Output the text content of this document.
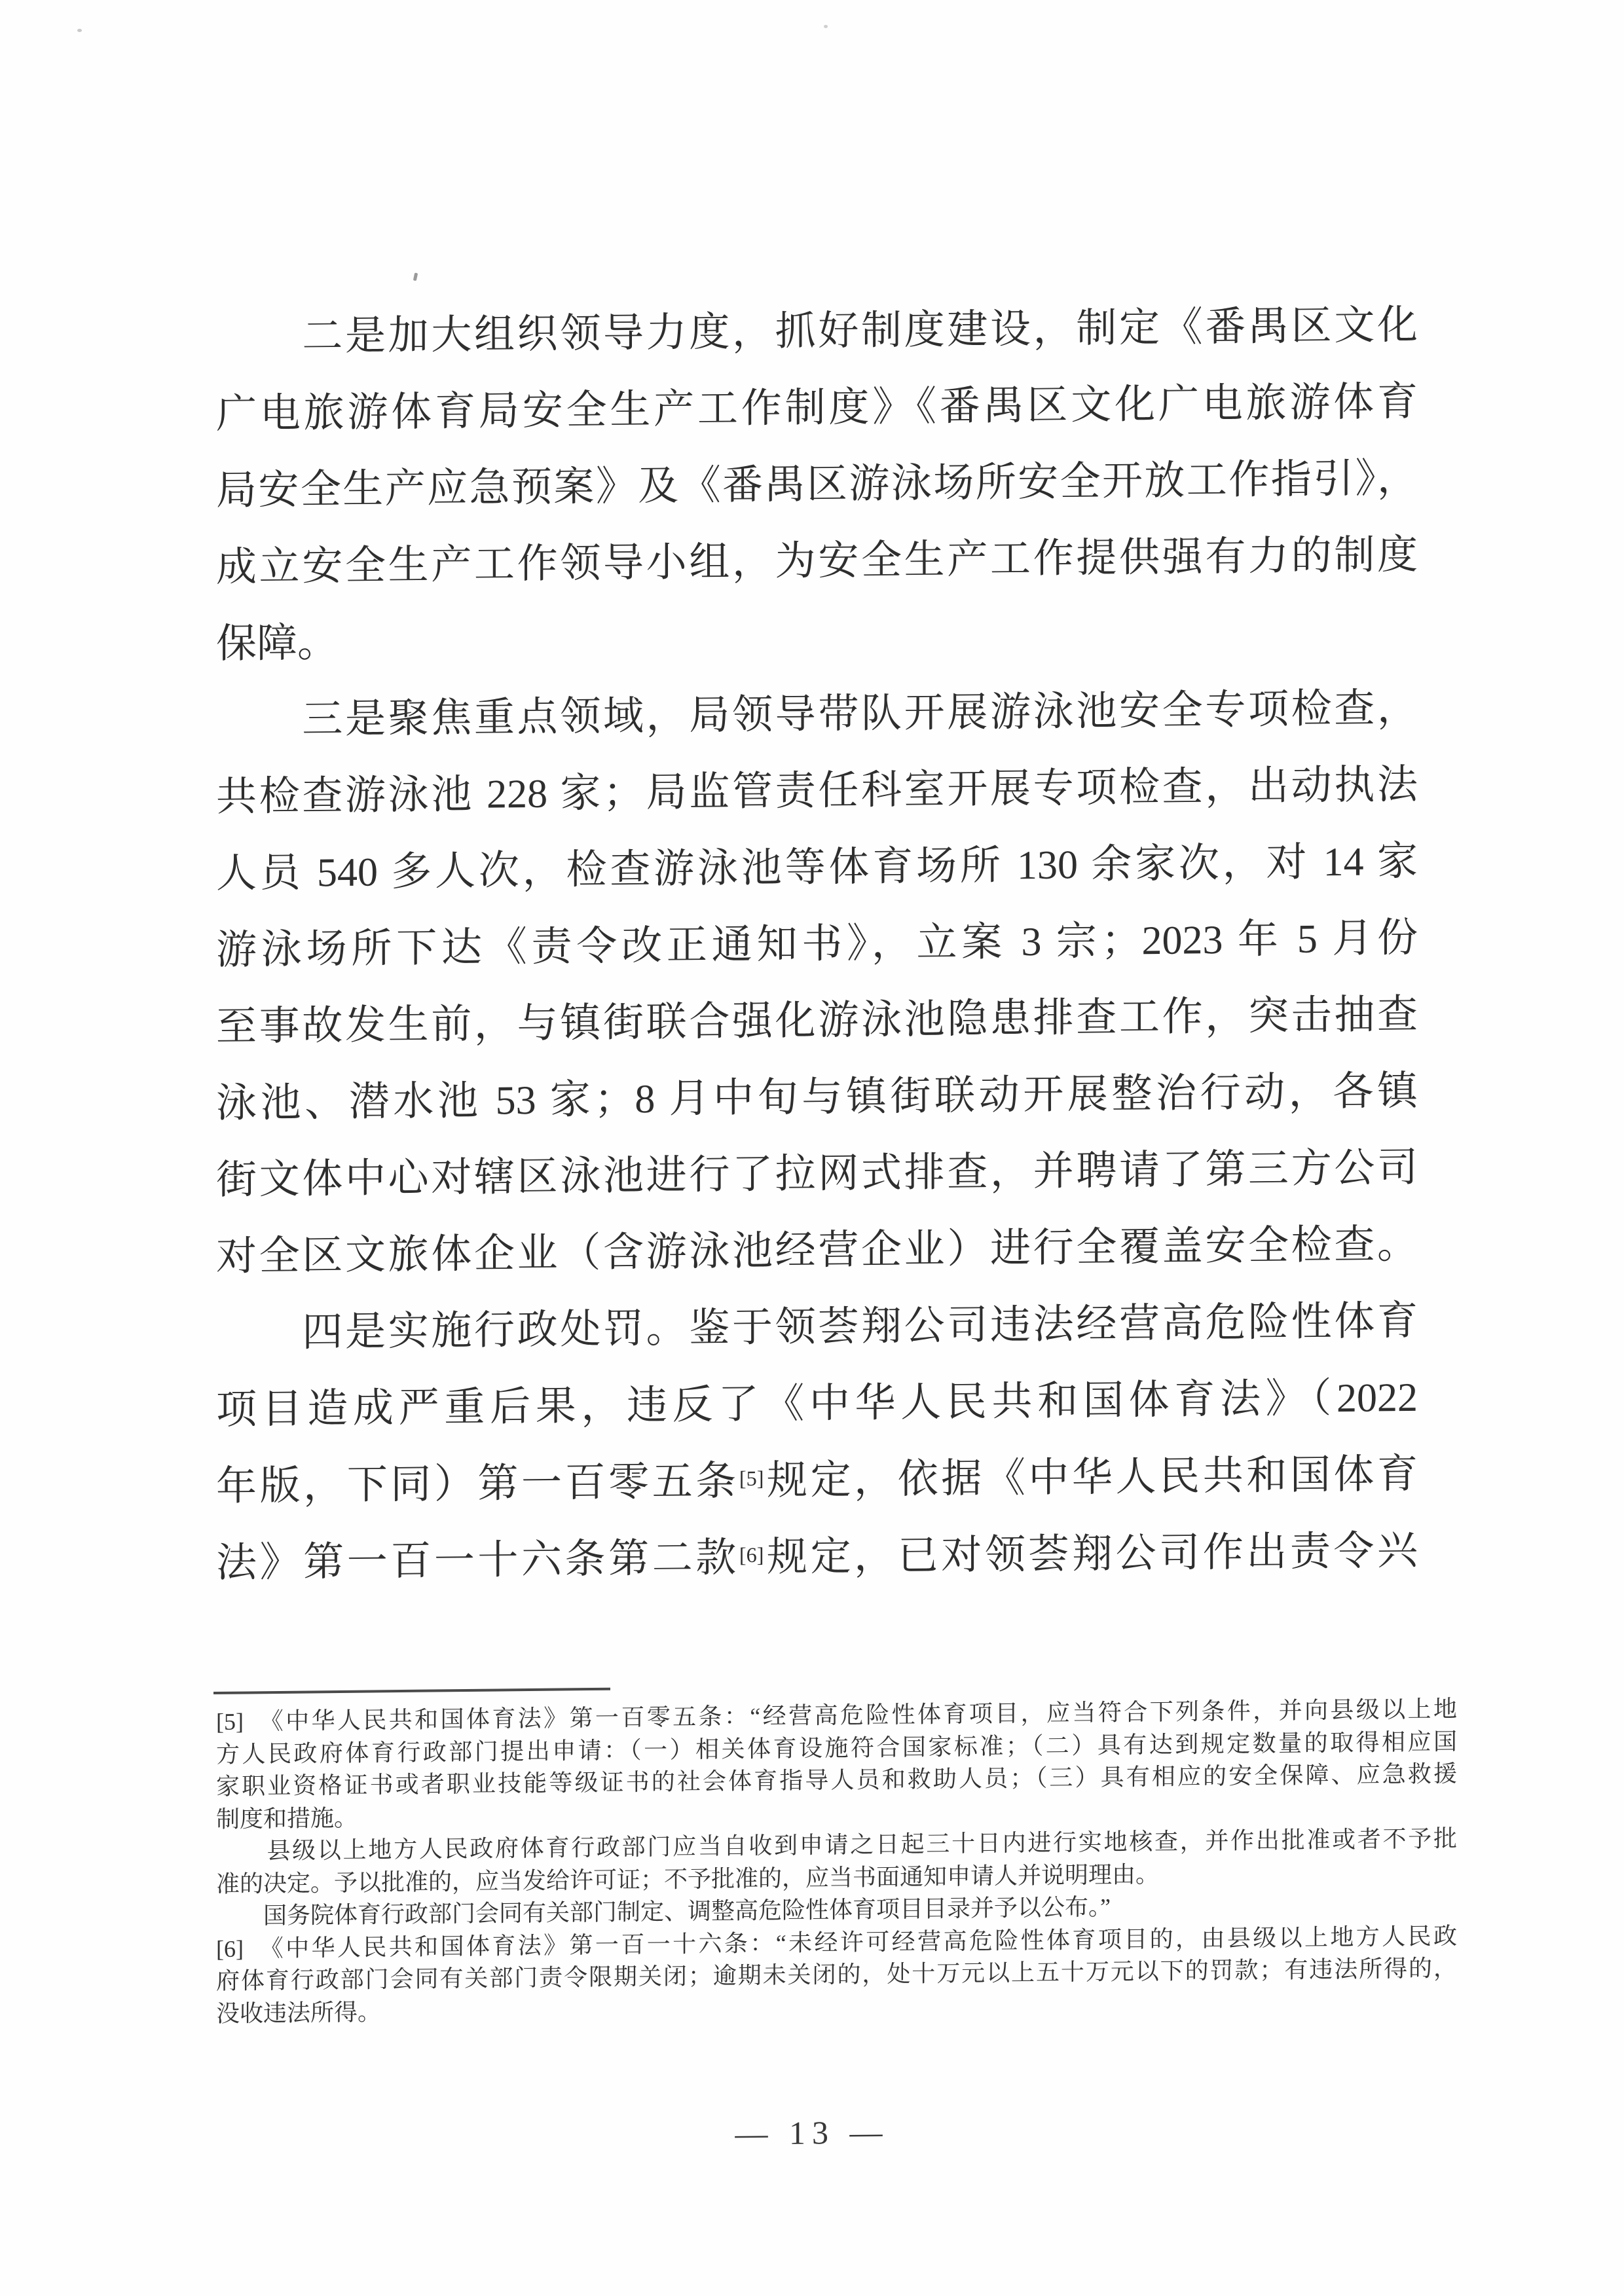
　　二是加大组织领导力度，抓好制度建设，制定《番禺区文化
广电旅游体育局安全生产工作制度》《番禺区文化广电旅游体育
局安全生产应急预案》及《番禺区游泳场所安全开放工作指引》，
成立安全生产工作领导小组，为安全生产工作提供强有力的制度
保障。
　　三是聚焦重点领域，局领导带队开展游泳池安全专项检查，
共检查游泳池 228 家；局监管责任科室开展专项检查，出动执法
人员 540 多人次，检查游泳池等体育场所 130 余家次，对 14 家
游泳场所下达《责令改正通知书》，立案 3 宗；2023 年 5 月份
至事故发生前，与镇街联合强化游泳池隐患排查工作，突击抽查
泳池、潜水池 53 家；8 月中旬与镇街联动开展整治行动，各镇
街文体中心对辖区泳池进行了拉网式排查，并聘请了第三方公司
对全区文旅体企业（含游泳池经营企业）进行全覆盖安全检查。
　　四是实施行政处罚。鉴于领荟翔公司违法经营高危险性体育
项目造成严重后果，违反了《中华人民共和国体育法》（2022
年版，下同）第一百零五条[5]规定，依据《中华人民共和国体育
法》第一百一十六条第二款[6]规定，已对领荟翔公司作出责令兴
[5]　《中华人民共和国体育法》第一百零五条：“经营高危险性体育项目，应当符合下列条件，并向县级以上地
方人民政府体育行政部门提出申请：（一）相关体育设施符合国家标准；（二）具有达到规定数量的取得相应国
家职业资格证书或者职业技能等级证书的社会体育指导人员和救助人员；（三）具有相应的安全保障、应急救援
制度和措施。
　　县级以上地方人民政府体育行政部门应当自收到申请之日起三十日内进行实地核查，并作出批准或者不予批
准的决定。予以批准的，应当发给许可证；不予批准的，应当书面通知申请人并说明理由。
　　国务院体育行政部门会同有关部门制定、调整高危险性体育项目目录并予以公布。”
[6]　《中华人民共和国体育法》第一百一十六条：“未经许可经营高危险性体育项目的，由县级以上地方人民政
府体育行政部门会同有关部门责令限期关闭；逾期未关闭的，处十万元以上五十万元以下的罚款；有违法所得的，
没收违法所得。
— 13 —
